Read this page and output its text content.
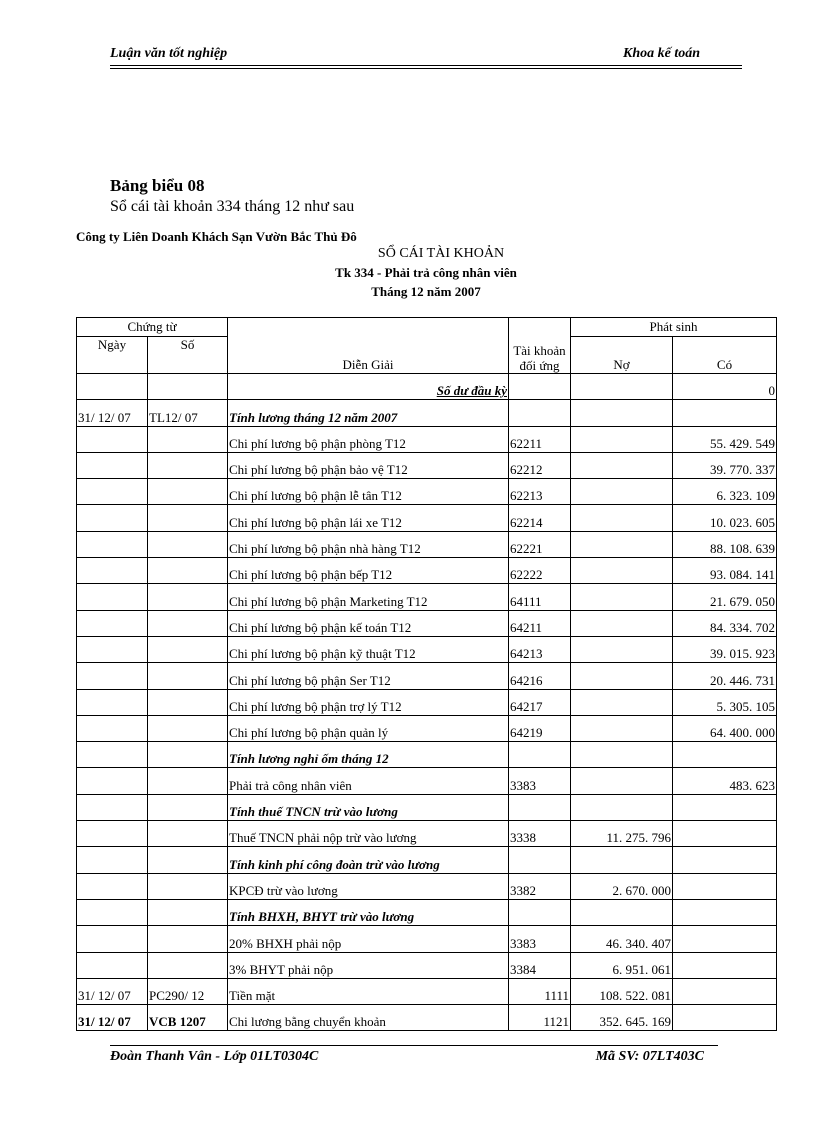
Luận văn tốt nghiệp	Khoa kế toán
Bảng biểu 08
Sổ cái tài khoản 334 tháng 12 như sau
Công ty Liên Doanh Khách Sạn Vườn Bắc Thủ Đô
SỔ CÁI TÀI KHOẢN
Tk 334 - Phải trả công nhân viên
Tháng 12 năm 2007
Chứng từ		Diễn Giải	Tài khoản đối ứng	Phát sinh	
Ngày	Số			Nợ	Có
		Số dư đầu kỳ			0
31/ 12/ 07	TL12/ 07	Tính lương tháng 12 năm 2007			
		Chi phí lương bộ phận phòng T12	62211		55. 429. 549
		Chi phí lương bộ phận bảo vệ T12	62212		39. 770. 337
		Chi phí lương bộ phận lễ tân T12	62213		6. 323. 109
		Chi phí lương bộ phận lái xe T12	62214		10. 023. 605
		Chi phí lương bộ phận nhà hàng T12	62221		88. 108. 639
		Chi phí lương bộ phận bếp T12	62222		93. 084. 141
		Chi phí lương bộ phận Marketing T12	64111		21. 679. 050
		Chi phí lương bộ phận kế toán T12	64211		84. 334. 702
		Chi phí lương bộ phận kỹ thuật T12	64213		39. 015. 923
		Chi phí lương bộ phận Ser T12	64216		20. 446. 731
		Chi phí lương bộ phận trợ lý T12	64217		5. 305. 105
		Chi phí lương bộ phận quản lý	64219		64. 400. 000
		Tính lương nghỉ ốm tháng 12			
		Phải trả công nhân viên	3383		483. 623
		Tính thuế TNCN trừ vào lương			
		Thuế TNCN phải nộp trừ vào lương	3338	11. 275. 796	
		Tính kinh phí công đoàn trừ vào lương			
		KPCĐ trừ vào lương	3382	2. 670. 000	
		Tính BHXH, BHYT trừ vào lương			
		20% BHXH phải nộp	3383	46. 340. 407	
		3% BHYT phải nộp	3384	6. 951. 061	
31/ 12/ 07	PC290/ 12	Tiền mặt	1111	108. 522. 081	
31/ 12/ 07	VCB 1207	Chi lương bằng chuyển khoản	1121	352. 645. 169	
Đoàn Thanh Vân - Lớp 01LT0304C	Mã SV: 07LT403C
